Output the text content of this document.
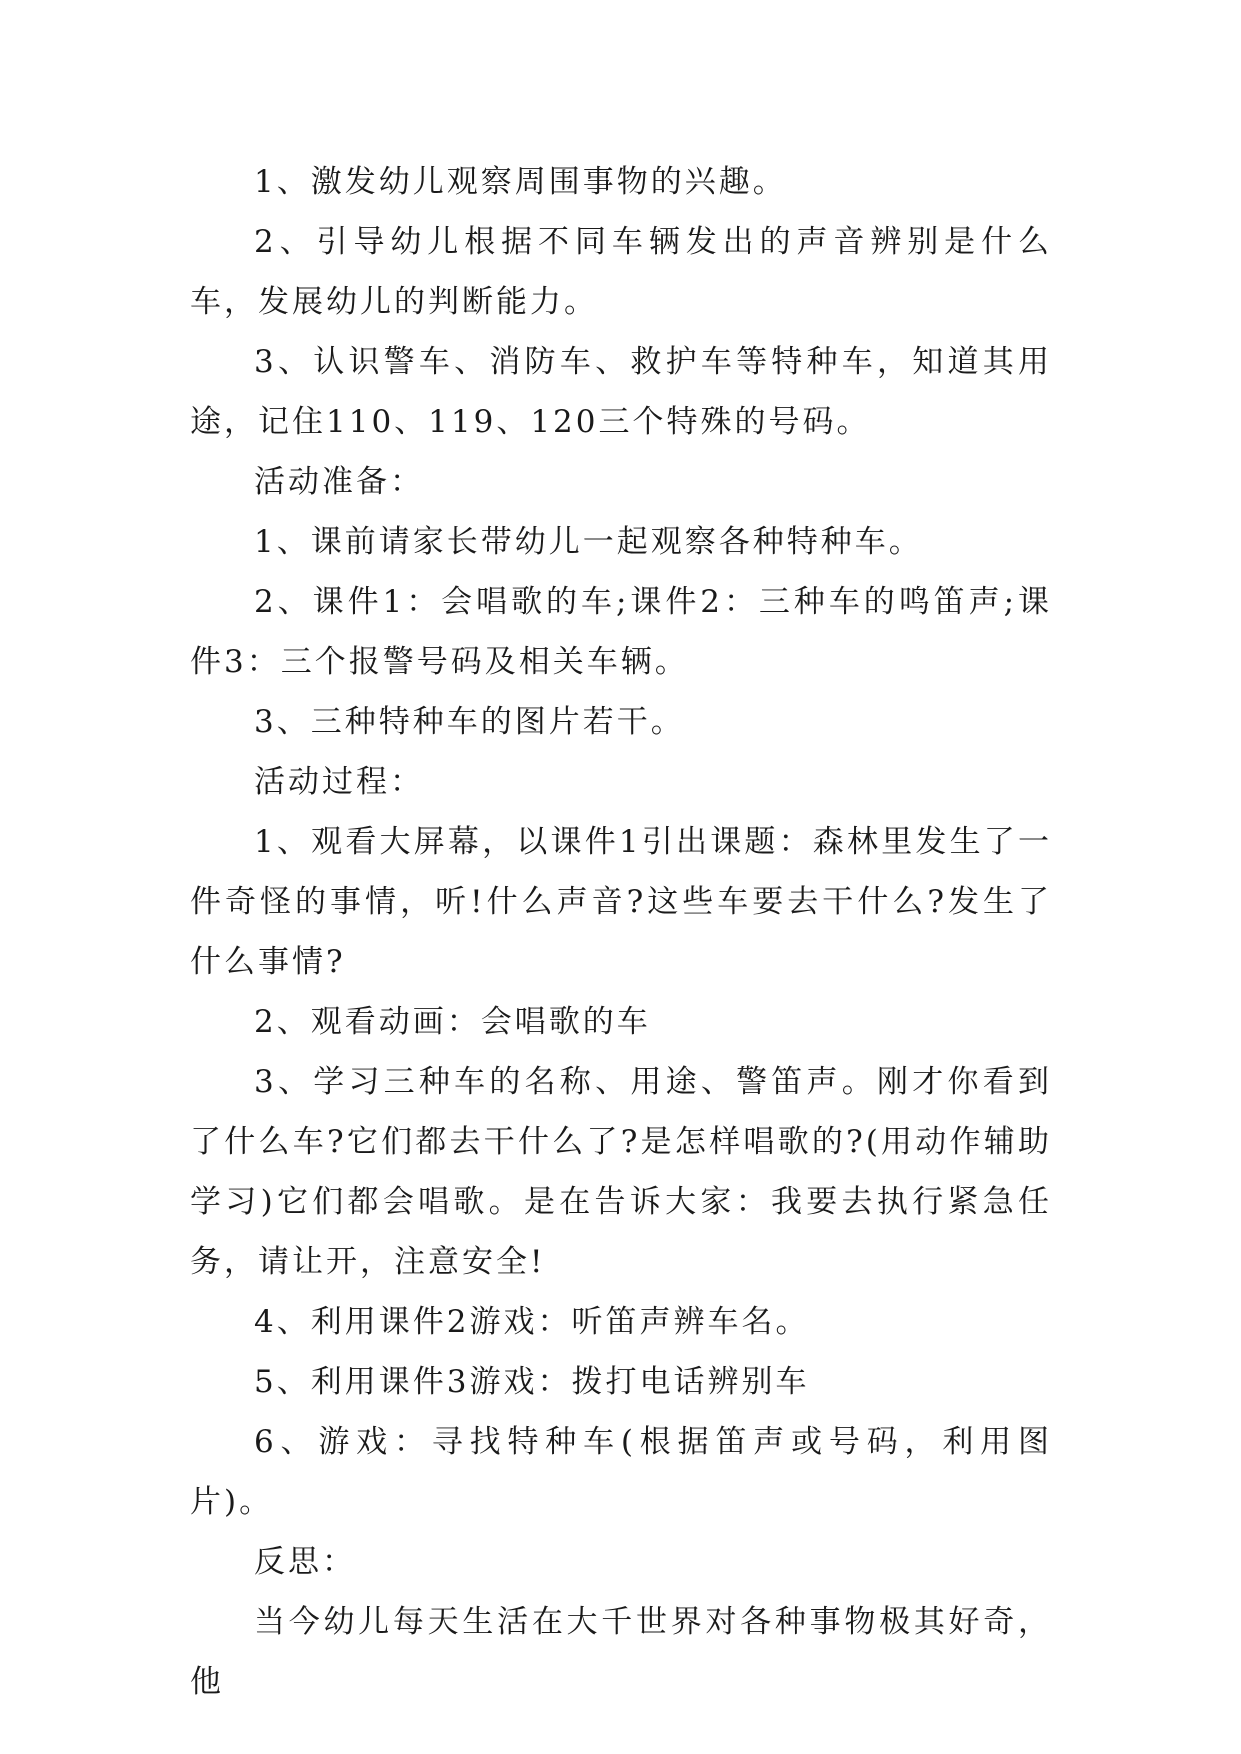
1、激发幼儿观察周围事物的兴趣。

2、引导幼儿根据不同车辆发出的声音辨别是什么车，发展幼儿的判断能力。

3、认识警车、消防车、救护车等特种车，知道其用途，记住110、119、120三个特殊的号码。

活动准备：

1、课前请家长带幼儿一起观察各种特种车。

2、课件1：会唱歌的车;课件2：三种车的鸣笛声;课件3：三个报警号码及相关车辆。

3、三种特种车的图片若干。

活动过程：

1、观看大屏幕，以课件1引出课题：森林里发生了一件奇怪的事情，听!什么声音?这些车要去干什么?发生了什么事情?

2、观看动画：会唱歌的车

3、学习三种车的名称、用途、警笛声。刚才你看到了什么车?它们都去干什么了?是怎样唱歌的?(用动作辅助学习)它们都会唱歌。是在告诉大家：我要去执行紧急任务，请让开，注意安全!

4、利用课件2游戏：听笛声辨车名。

5、利用课件3游戏：拨打电话辨别车

6、游戏：寻找特种车(根据笛声或号码，利用图片)。

反思：

当今幼儿每天生活在大千世界对各种事物极其好奇，他
